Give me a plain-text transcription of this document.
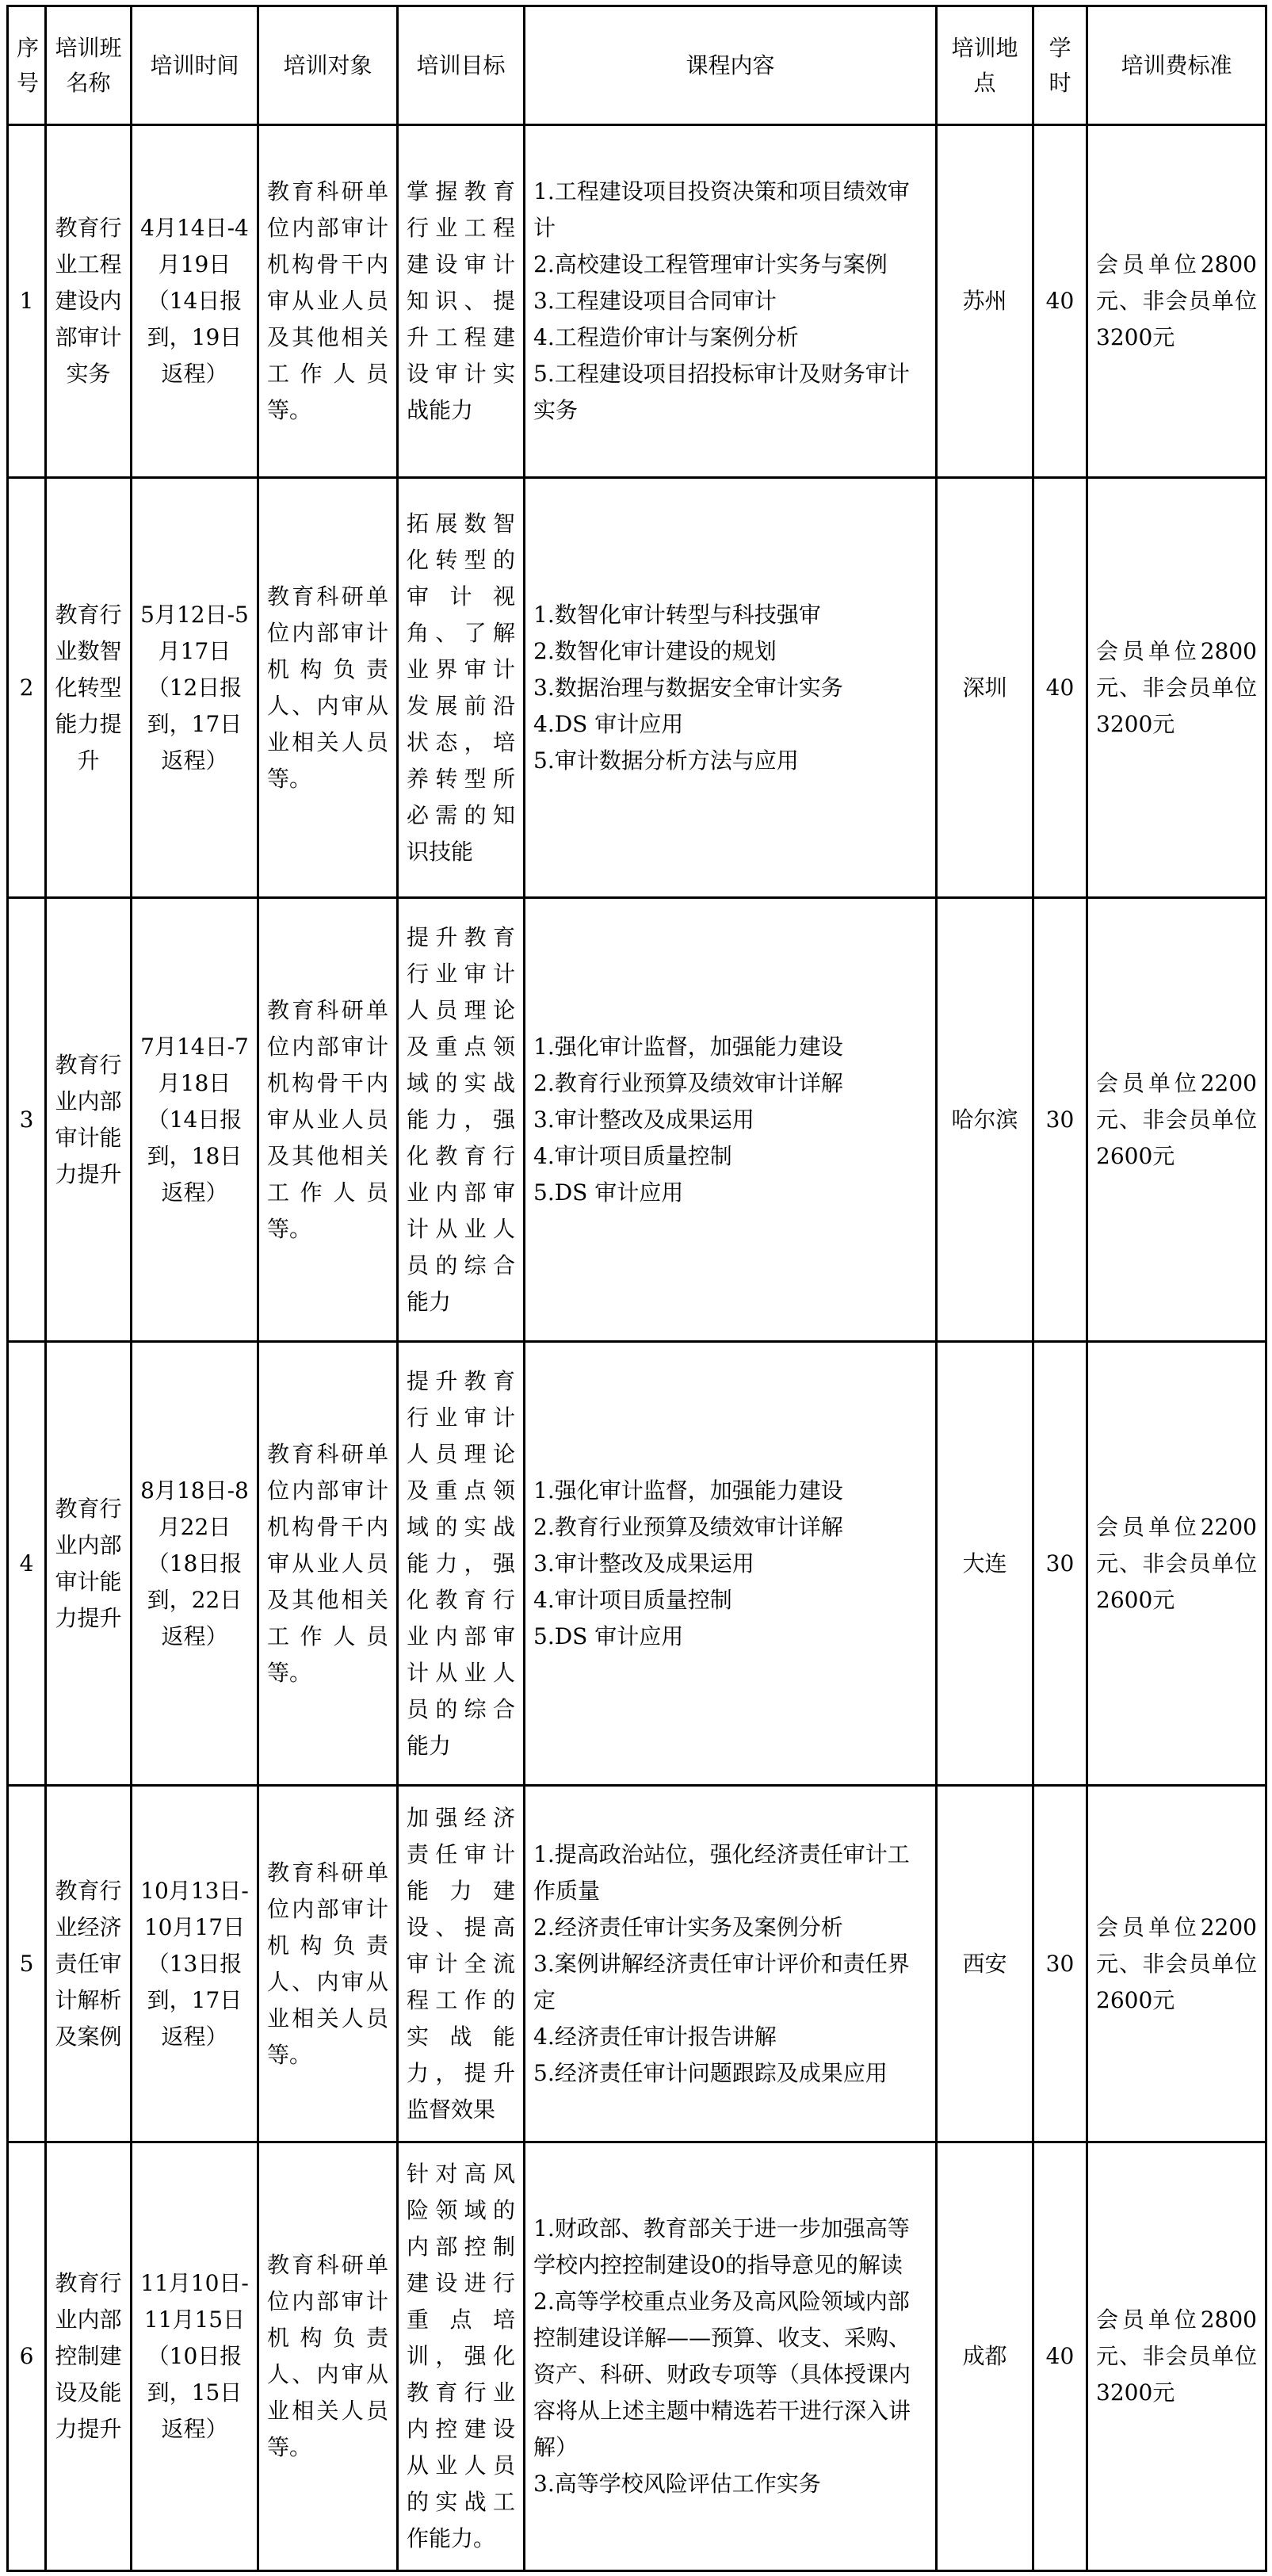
序号	培训班名称	培训时间	培训对象	培训目标	课程内容	培训地点	学时	培训费标准
1	教育行业工程建设内部审计实务	4月14日-4月19日（14日报到，19日返程）	教育科研单位内部审计机构骨干内审从业人员及其他相关工作人员等。	掌握教育行业工程建设审计知识、提升工程建设审计实战能力	1.工程建设项目投资决策和项目绩效审计
2.高校建设工程管理审计实务与案例
3.工程建设项目合同审计
4.工程造价审计与案例分析
5.工程建设项目招投标审计及财务审计实务	苏州	40	会员单位2800元、非会员单位3200元
2	教育行业数智化转型能力提升	5月12日-5月17日（12日报到，17日返程）	教育科研单位内部审计机构负责人、内审从业相关人员等。	拓展数智化转型的审计视角、了解业界审计发展前沿状态，培养转型所必需的知识技能	1.数智化审计转型与科技强审
2.数智化审计建设的规划
3.数据治理与数据安全审计实务
4.DS 审计应用
5.审计数据分析方法与应用	深圳	40	会员单位2800元、非会员单位3200元
3	教育行业内部审计能力提升	7月14日-7月18日（14日报到，18日返程）	教育科研单位内部审计机构骨干内审从业人员及其他相关工作人员等。	提升教育行业审计人员理论及重点领域的实战能力，强化教育行业内部审计从业人员的综合能力	1.强化审计监督，加强能力建设
2.教育行业预算及绩效审计详解
3.审计整改及成果运用
4.审计项目质量控制
5.DS 审计应用	哈尔滨	30	会员单位2200元、非会员单位2600元
4	教育行业内部审计能力提升	8月18日-8月22日（18日报到，22日返程）	教育科研单位内部审计机构骨干内审从业人员及其他相关工作人员等。	提升教育行业审计人员理论及重点领域的实战能力，强化教育行业内部审计从业人员的综合能力	1.强化审计监督，加强能力建设
2.教育行业预算及绩效审计详解
3.审计整改及成果运用
4.审计项目质量控制
5.DS 审计应用	大连	30	会员单位2200元、非会员单位2600元
5	教育行业经济责任审计解析及案例	10月13日-10月17日（13日报到，17日返程）	教育科研单位内部审计机构负责人、内审从业相关人员等。	加强经济责任审计能力建设、提高审计全流程工作的实战能力，提升监督效果	1.提高政治站位，强化经济责任审计工作质量
2.经济责任审计实务及案例分析
3.案例讲解经济责任审计评价和责任界定
4.经济责任审计报告讲解
5.经济责任审计问题跟踪及成果应用	西安	30	会员单位2200元、非会员单位2600元
6	教育行业内部控制建设及能力提升	11月10日-11月15日（10日报到，15日返程）	教育科研单位内部审计机构负责人、内审从业相关人员等。	针对高风险领域的内部控制建设进行重点培训，强化教育行业内控建设从业人员的实战工作能力。	1.财政部、教育部关于进一步加强高等学校内控控制建设0的指导意见的解读
2.高等学校重点业务及高风险领域内部控制建设详解——预算、收支、采购、资产、科研、财政专项等（具体授课内容将从上述主题中精选若干进行深入讲解）
3.高等学校风险评估工作实务	成都	40	会员单位2800元、非会员单位3200元
